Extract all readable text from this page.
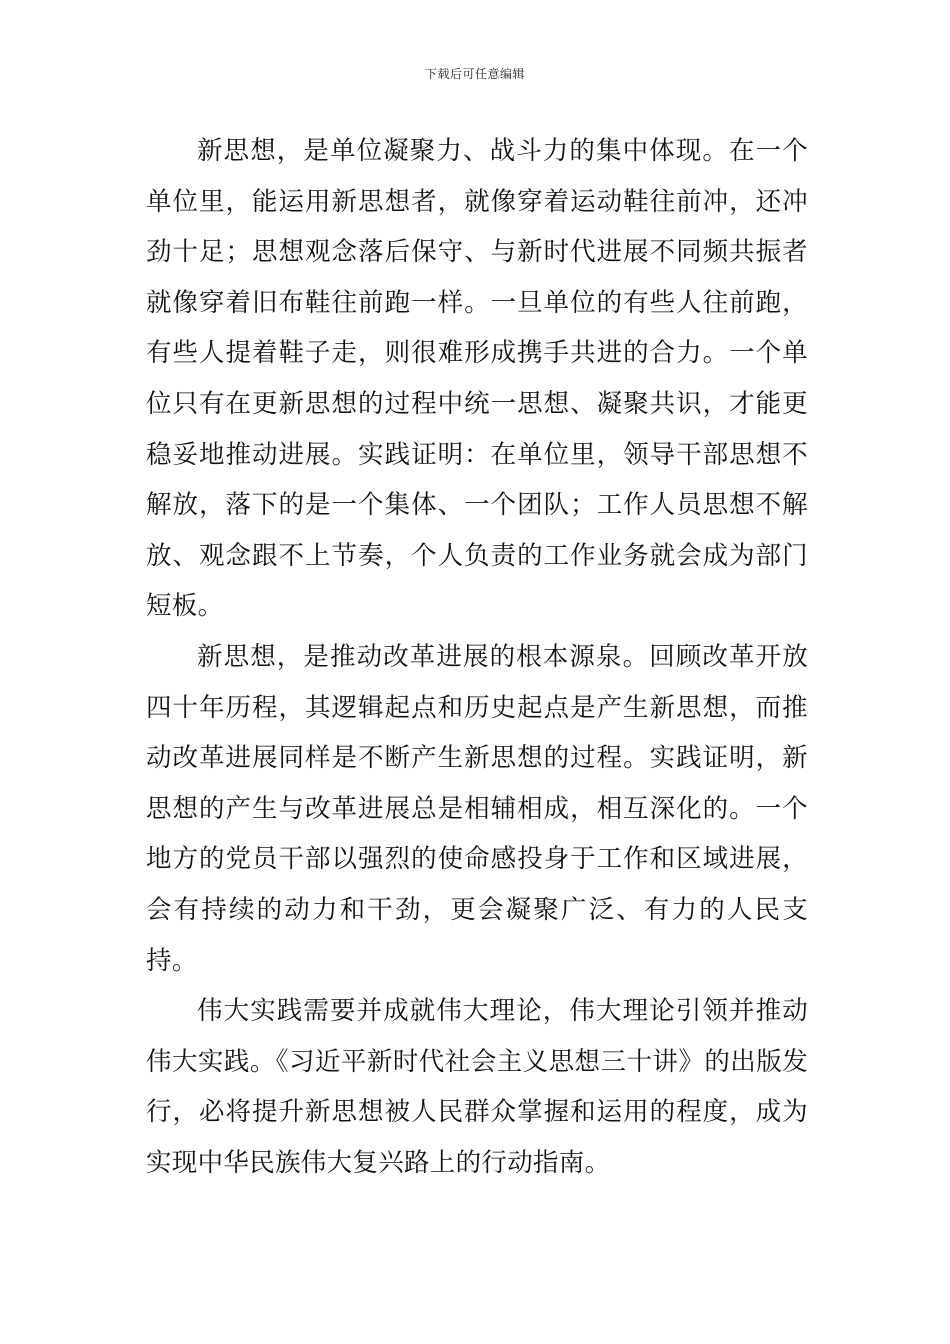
下载后可任意编辑

新思想，是单位凝聚力、战斗力的集中体现。在一个单位里，能运用新思想者，就像穿着运动鞋往前冲，还冲劲十足；思想观念落后保守、与新时代进展不同频共振者就像穿着旧布鞋往前跑一样。一旦单位的有些人往前跑，有些人提着鞋子走，则很难形成携手共进的合力。一个单位只有在更新思想的过程中统一思想、凝聚共识，才能更稳妥地推动进展。实践证明：在单位里，领导干部思想不解放，落下的是一个集体、一个团队；工作人员思想不解放、观念跟不上节奏，个人负责的工作业务就会成为部门短板。

新思想，是推动改革进展的根本源泉。回顾改革开放四十年历程，其逻辑起点和历史起点是产生新思想，而推动改革进展同样是不断产生新思想的过程。实践证明，新思想的产生与改革进展总是相辅相成，相互深化的。一个地方的党员干部以强烈的使命感投身于工作和区域进展，会有持续的动力和干劲，更会凝聚广泛、有力的人民支持。

伟大实践需要并成就伟大理论，伟大理论引领并推动伟大实践。《习近平新时代社会主义思想三十讲》的出版发行，必将提升新思想被人民群众掌握和运用的程度，成为实现中华民族伟大复兴路上的行动指南。
